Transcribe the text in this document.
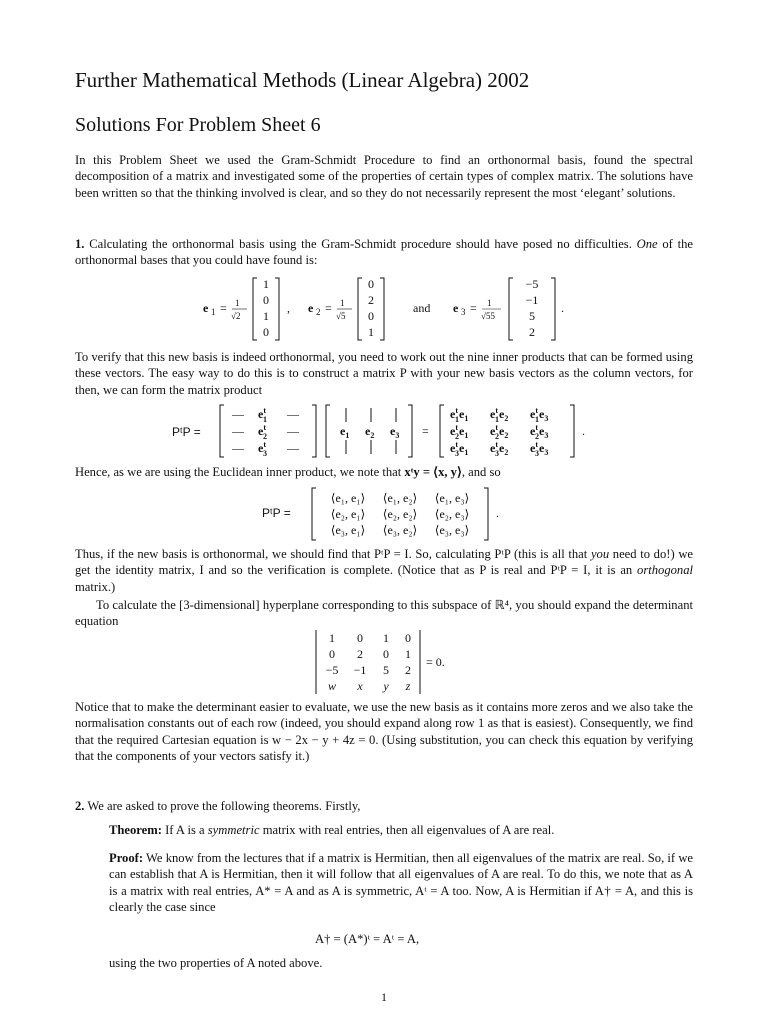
Further Mathematical Methods (Linear Algebra) 2002
Solutions For Problem Sheet 6
In this Problem Sheet we used the Gram-Schmidt Procedure to find an orthonormal basis, found the spectral decomposition of a matrix and investigated some of the properties of certain types of complex matrix. The solutions have been written so that the thinking involved is clear, and so they do not necessarily represent the most ‘elegant’ solutions.
1. Calculating the orthonormal basis using the Gram-Schmidt procedure should have posed no difficulties. One of the orthonormal bases that you could have found is:
e 1 = 1
√2
1
0
1
0
, e 2 = 1
√5
0
2
0
1
and e 3 = 1
√55
−5
−1
5
2
.
To verify that this new basis is indeed orthonormal, you need to work out the nine inner products that can be formed using these vectors. The easy way to do this is to construct a matrix P with your new basis vectors as the column vectors, for then, we can form the matrix product
PᵗP =
— $e^t$ 1 —
— $e^t$ 2 —
— $e^t$ 3 —
$e_1$ $e_2$ $e_3$ =
$e^t$ $1e_1$ $e^t$ $1e_2$ $e^t$ $1e_3$
$e^t$ $2e_1$ $e^t$ $2e_2$ $e^t$ $2e_3$
$e^t$ $3e_1$ $e^t$ $3e_2$ $e^t$ $3e_3$
.
Hence, as we are using the Euclidean inner product, we note that xᵗy = ⟨x, y⟩, and so
PᵗP =
⟨e₁, e₁⟩ ⟨e₁, e₂⟩ ⟨e₁, e₃⟩
⟨e₂, e₁⟩ ⟨e₂, e₂⟩ ⟨e₂, e₃⟩
⟨e₃, e₁⟩ ⟨e₃, e₂⟩ ⟨e₃, e₃⟩
.
Thus, if the new basis is orthonormal, we should find that PᵗP = I. So, calculating PᵗP (this is all that you need to do!) we get the identity matrix, I and so the verification is complete. (Notice that as P is real and PᵗP = I, it is an orthogonal matrix.)
To calculate the [3-dimensional] hyperplane corresponding to this subspace of ℝ⁴, you should expand the determinant equation
1 0 1 0
0 2 0 1
−5 −1 5 2
w x y z
= 0.
Notice that to make the determinant easier to evaluate, we use the new basis as it contains more zeros and we also take the normalisation constants out of each row (indeed, you should expand along row 1 as that is easiest). Consequently, we find that the required Cartesian equation is w − 2x − y + 4z = 0. (Using substitution, you can check this equation by verifying that the components of your vectors satisfy it.)
2. We are asked to prove the following theorems. Firstly,
Theorem: If A is a symmetric matrix with real entries, then all eigenvalues of A are real.
Proof: We know from the lectures that if a matrix is Hermitian, then all eigenvalues of the matrix are real. So, if we can establish that A is Hermitian, then it will follow that all eigenvalues of A are real. To do this, we note that as A is a matrix with real entries, A* = A and as A is symmetric, Aᵗ = A too. Now, A is Hermitian if A† = A, and this is clearly the case since
A† = (A*)ᵗ = Aᵗ = A,
using the two properties of A noted above.
1
